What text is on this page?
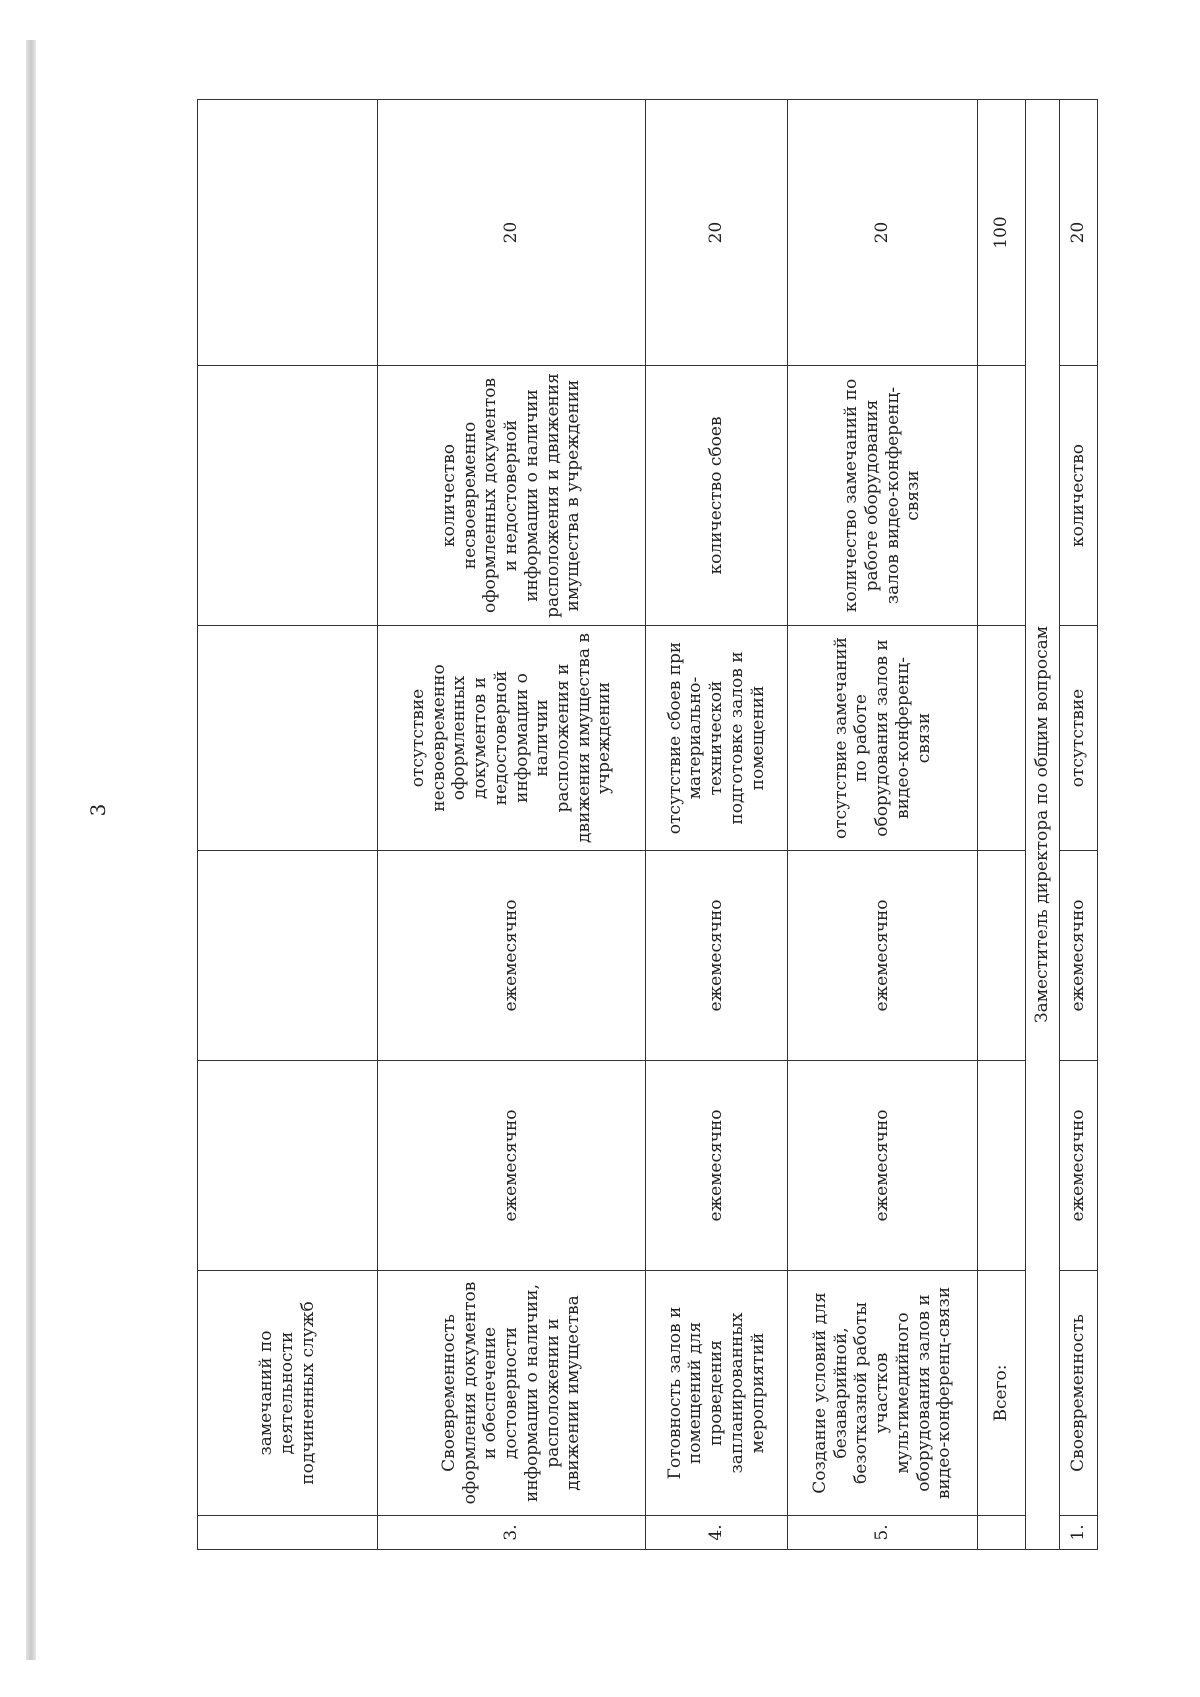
3
	замечаний по деятельности подчиненных служб					
3.	Своевременность оформления документов и обеспечение достоверности информации о наличии, расположении и движении имущества	ежемесячно	ежемесячно	отсутствие несвоевременно оформленных документов и недостоверной информации о наличии расположения и движения имущества в учреждении	количество несвоевременно оформленных документов и недостоверной информации о наличии расположения и движения имущества в учреждении	20
4.	Готовность залов и помещений для проведения запланированных мероприятий	ежемесячно	ежемесячно	отсутствие сбоев при материально-технической подготовке залов и помещений	количество сбоев	20
5.	Создание условий для безаварийной, безотказной работы участков мультимедийного оборудования залов и видео-конференц-связи	ежемесячно	ежемесячно	отсутствие замечаний по работе оборудования залов и видео-конференц-связи	количество замечаний по работе оборудования залов видео-конференц-связи	20
	Всего:					100
Заместитель директора по общим вопросам						
1.	Своевременность	ежемесячно	ежемесячно	отсутствие	количество	20
